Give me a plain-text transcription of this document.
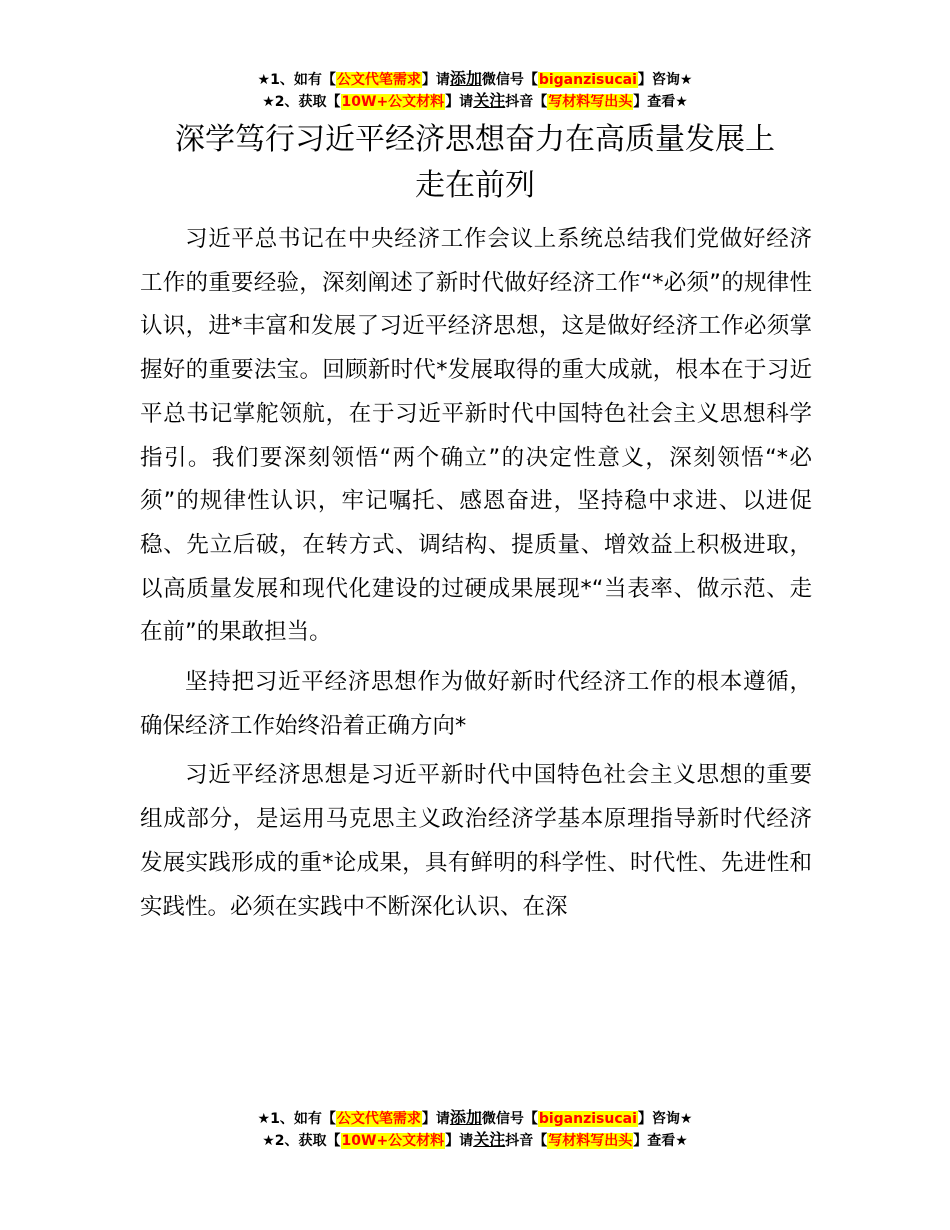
★1、如有【公文代笔需求】请添加微信号【biganzisucai】咨询★
★2、获取【10W+公文材料】请关注抖音【写材料写出头】查看★
深学笃行习近平经济思想奋力在高质量发展上
走在前列

习近平总书记在中央经济工作会议上系统总结我们党做好经济工作的重要经验，深刻阐述了新时代做好经济工作“*必须”的规律性认识，进*丰富和发展了习近平经济思想，这是做好经济工作必须掌握好的重要法宝。回顾新时代*发展取得的重大成就，根本在于习近平总书记掌舵领航，在于习近平新时代中国特色社会主义思想科学指引。我们要深刻领悟“两个确立”的决定性意义，深刻领悟“*必须”的规律性认识，牢记嘱托、感恩奋进，坚持稳中求进、以进促稳、先立后破，在转方式、调结构、提质量、增效益上积极进取，以高质量发展和现代化建设的过硬成果展现*“当表率、做示范、走在前”的果敢担当。

坚持把习近平经济思想作为做好新时代经济工作的根本遵循，确保经济工作始终沿着正确方向*

习近平经济思想是习近平新时代中国特色社会主义思想的重要组成部分，是运用马克思主义政治经济学基本原理指导新时代经济发展实践形成的重*论成果，具有鲜明的科学性、时代性、先进性和实践性。必须在实践中不断深化认识、在深

★1、如有【公文代笔需求】请添加微信号【biganzisucai】咨询★
★2、获取【10W+公文材料】请关注抖音【写材料写出头】查看★
